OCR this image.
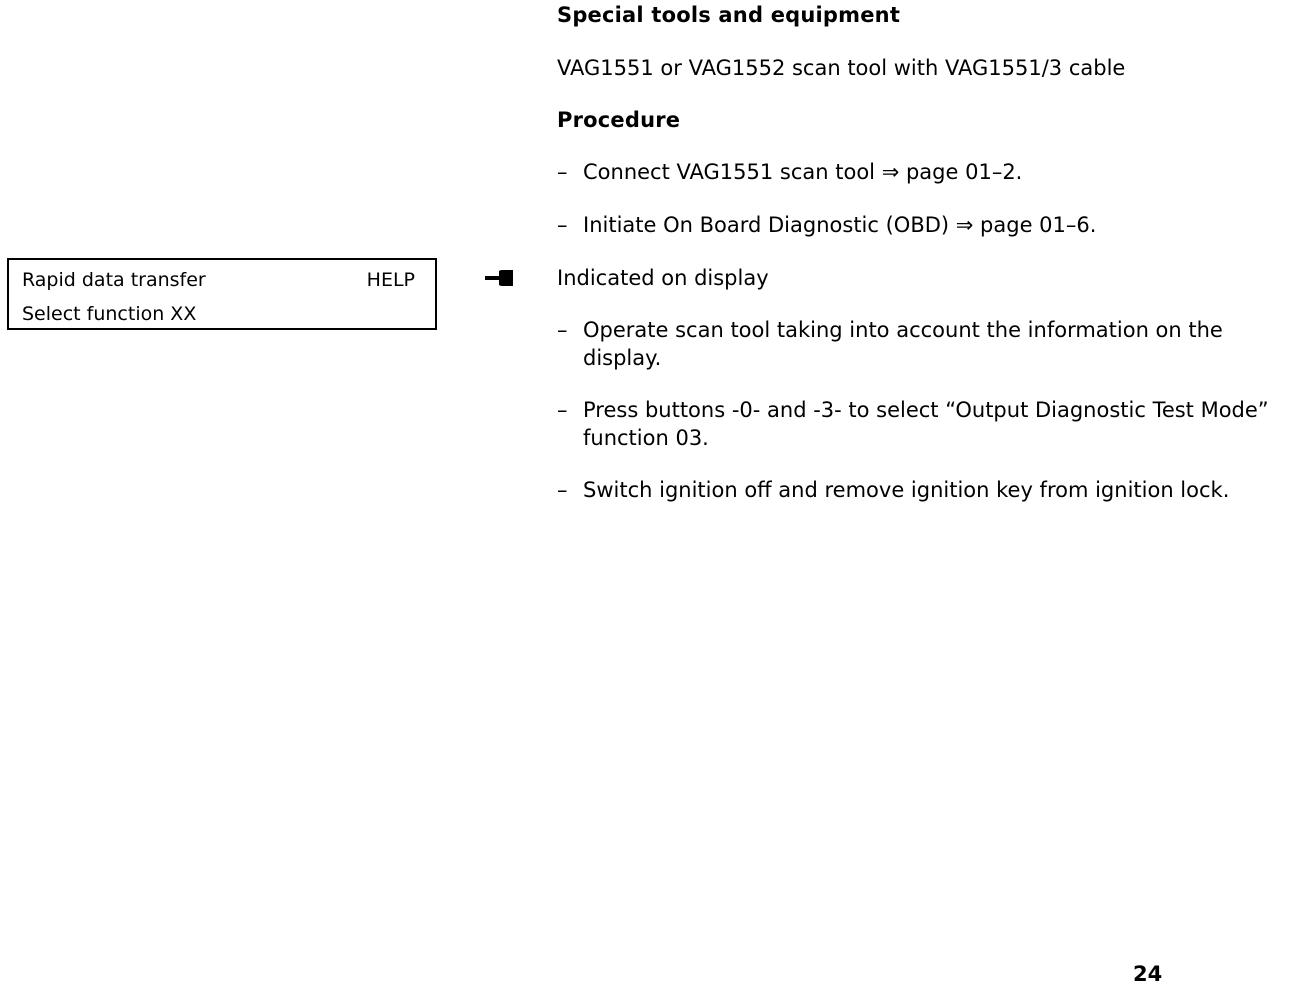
Rapid data transfer	HELP
Select function XX
Special tools and equipment
VAG1551 or VAG1552 scan tool with VAG1551/3 cable
Procedure
– Connect VAG1551 scan tool ⇒ page 01–2.
– Initiate On Board Diagnostic (OBD) ⇒ page 01–6.
Indicated on display
– Operate scan tool taking into account the information on the display.
– Press buttons -0- and -3- to select “Output Diagnostic Test Mode” function 03.
– Switch ignition off and remove ignition key from ignition lock.
24
